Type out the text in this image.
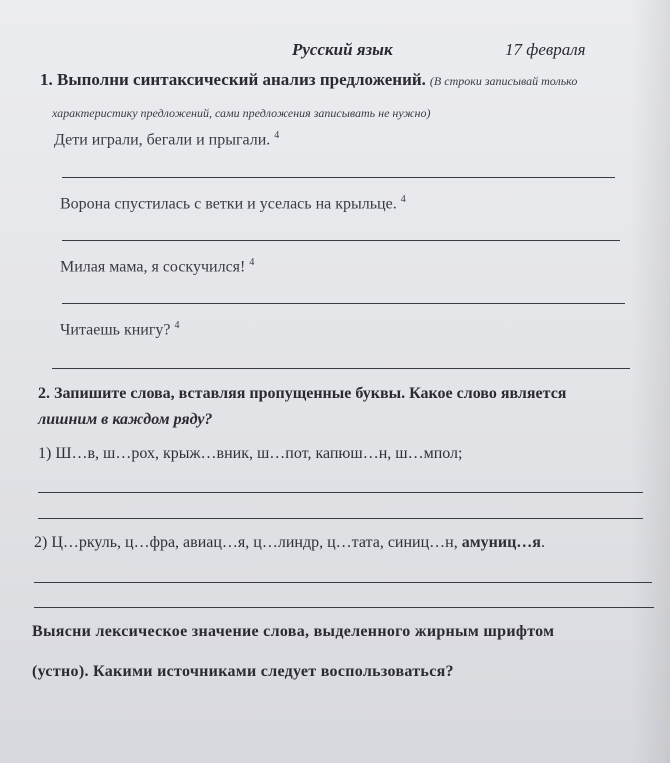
Русский язык	17 февраля
1. Выполни синтаксический анализ предложений. (В строки записывай только
характеристику предложений, сами предложения записывать не нужно)
Дети играли, бегали и прыгали. $^4$
Ворона спустилась с ветки и уселась на крыльце. $^4$
Милая мама, я соскучился! $^4$
Читаешь книгу? $^4$
2. Запишите слова, вставляя пропущенные буквы. Какое слово является
лишним в каждом ряду?
1) Ш…в, ш…рох, крыж…вник, ш…пот, капюш…н, ш…мпол;
2) Ц…ркуль, ц…фра, авиац…я, ц…линдр, ц…тата, синиц…н, амуниц…я.
Выясни лексическое значение слова, выделенного жирным шрифтом
(устно). Какими источниками следует воспользоваться?
